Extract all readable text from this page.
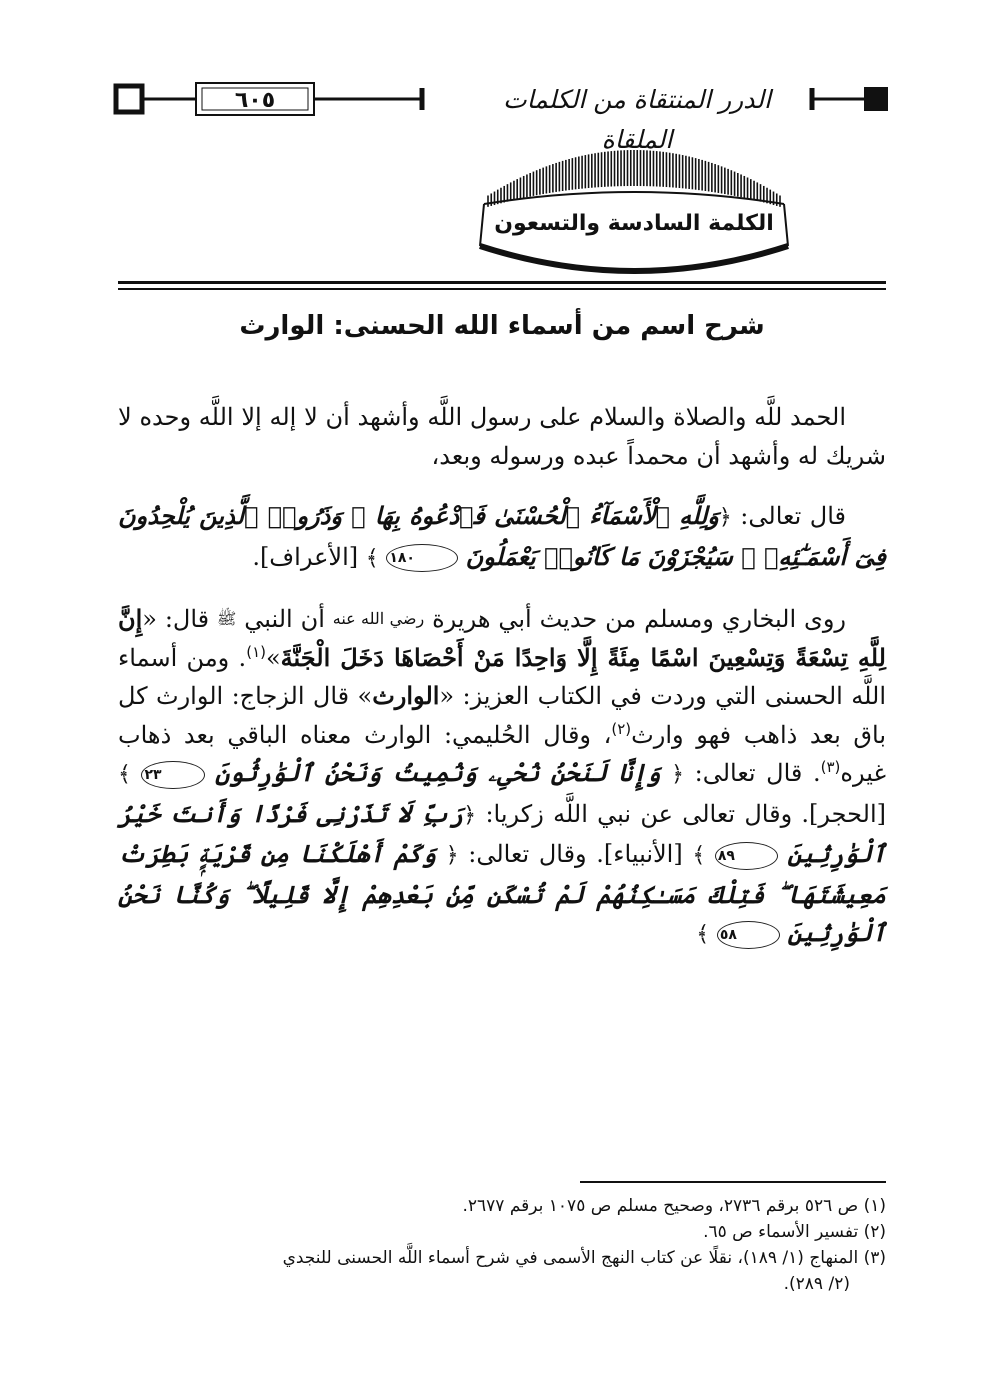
الدرر المنتقاة من الكلمات الملقاة
٦٠٥
الكلمة السادسة والتسعون
شرح اسم من أسماء الله الحسنى: الوارث

الحمد للَّه والصلاة والسلام على رسول اللَّه وأشهد أن لا إله إلا اللَّه وحده لا شريك له وأشهد أن محمداً عبده ورسوله وبعد،

قال تعالى: ﴿وَلِلَّهِ ٱلْأَسْمَآءُ ٱلْحُسْنَىٰ فَٱدْعُوهُ بِهَا ۖ وَذَرُوا۟ ٱلَّذِينَ يُلْحِدُونَ فِىٓ أَسْمَـٰٓئِهِۦ ۚ سَيُجْزَوْنَ مَا كَانُوا۟ يَعْمَلُونَ ١٨٠ ﴾ [الأعراف].

روى البخاري ومسلم من حديث أبي هريرة $^{رضي الله عنه}$ أن النبي $^ﷺ$ قال: «إِنَّ لِلَّهِ تِسْعَةً وَتِسْعِينَ اسْمًا مِئَةً إِلَّا وَاحِدًا مَنْ أَحْصَاهَا دَخَلَ الْجَنَّةَ»$^{(١)}$. ومن أسماء اللَّه الحسنى التي وردت في الكتاب العزيز: «الوارث» قال الزجاج: الوارث كل باق بعد ذاهب فهو وارث$^{(٢)}$، وقال الحُليمي: الوارث معناه الباقي بعد ذهاب غيره$^{(٣)}$. قال تعالى: ﴿ وَإِنَّا لَنَحْنُ نُحْىِۦ وَنُمِيتُ وَنَحْنُ ٱلْوَٰرِثُونَ ٢٣ ﴾ [الحجر]. وقال تعالى عن نبي اللَّه زكريا: ﴿رَبِّ لَا تَذَرْنِى فَرْدًا وَأَنتَ خَيْرُ ٱلْوَٰرِثِينَ ٨٩ ﴾ [الأنبياء]. وقال تعالى: ﴿ وَكَمْ أَهْلَكْنَا مِن قَرْيَةٍۭ بَطِرَتْ مَعِيشَتَهَا ۖ فَتِلْكَ مَسَـٰكِنُهُمْ لَمْ تُسْكَن مِّنۢ بَعْدِهِمْ إِلَّا قَلِيلًا ۖ وَكُنَّا نَحْنُ ٱلْوَٰرِثِينَ ٥٨ ﴾

(١) ص ٥٢٦ برقم ٢٧٣٦، وصحيح مسلم ص ١٠٧٥ برقم ٢٦٧٧.
(٢) تفسير الأسماء ص ٦٥.
(٣) المنهاج (١/ ١٨٩)، نقلًا عن كتاب النهج الأسمى في شرح أسماء اللَّه الحسنى للنجدي
(٢/ ٢٨٩).
